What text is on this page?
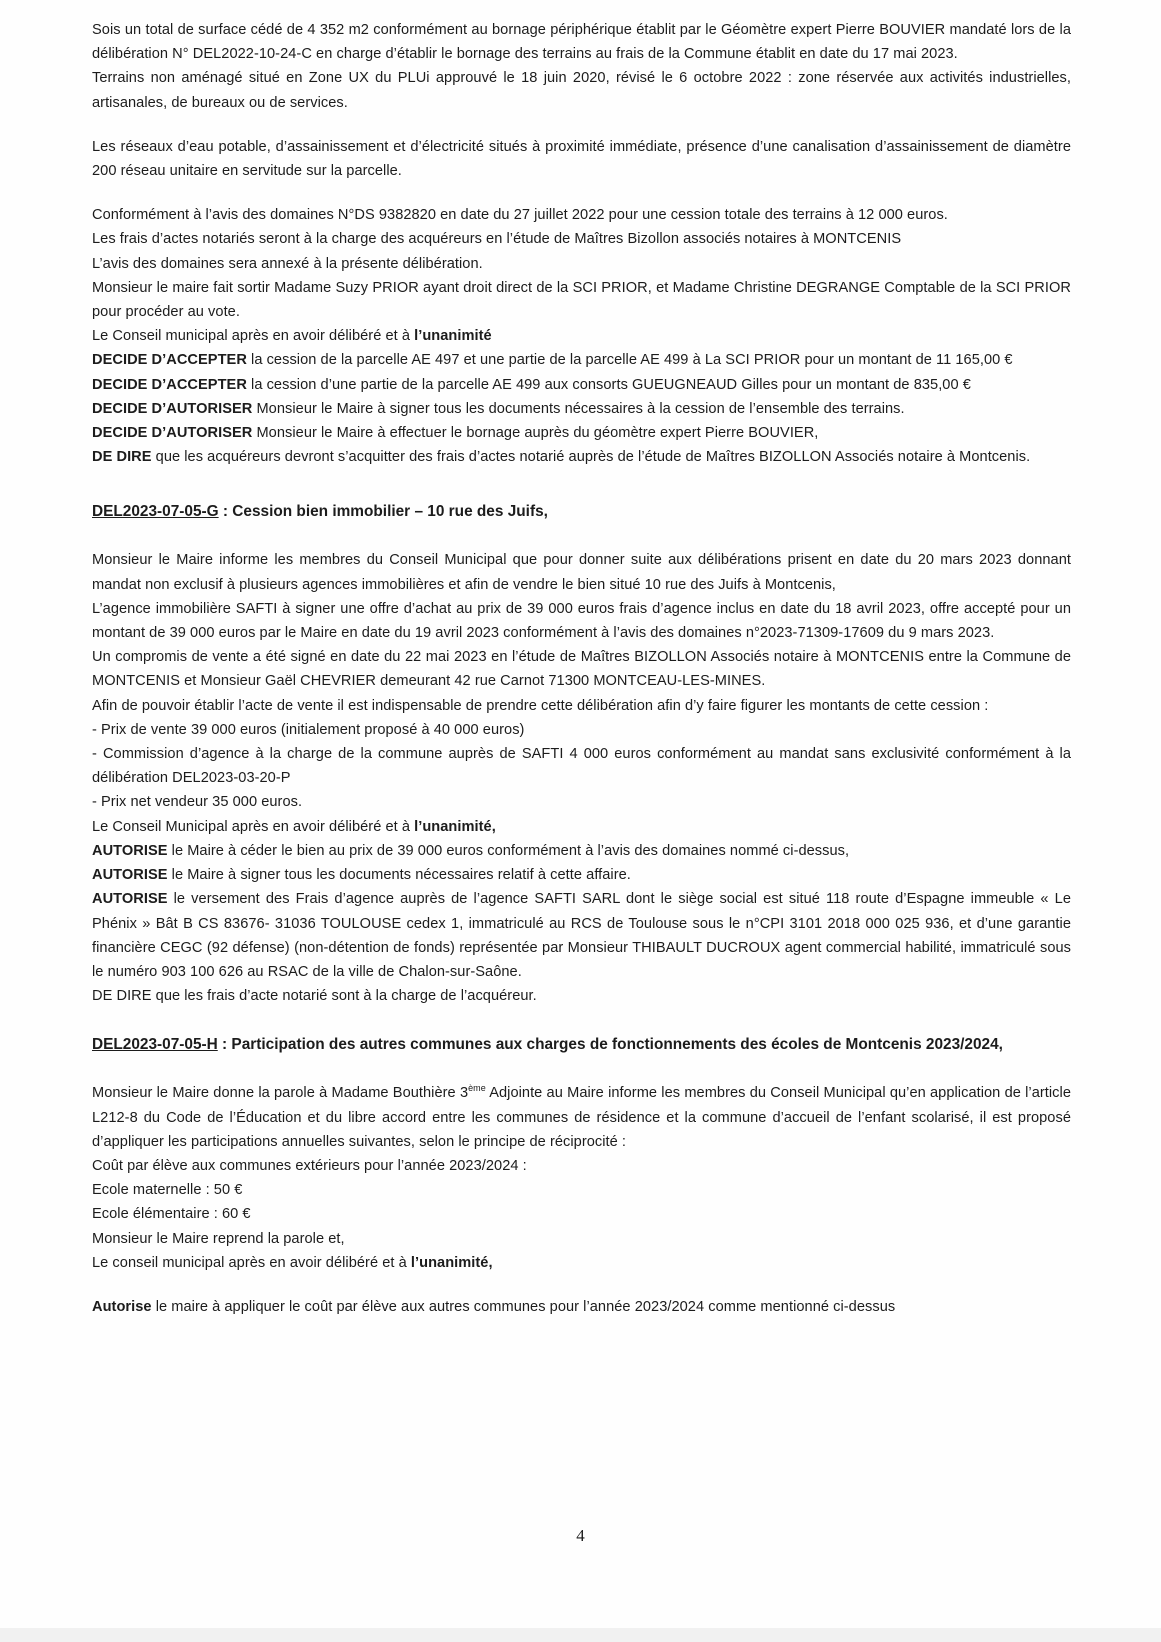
Sois un total de surface cédé de 4 352 m2 conformément au bornage périphérique établit par le Géomètre expert Pierre BOUVIER mandaté lors de la délibération N° DEL2022-10-24-C en charge d’établir le bornage des terrains au frais de la Commune établit en date du 17 mai 2023.

Terrains non aménagé situé en Zone UX du PLUi approuvé le 18 juin 2020, révisé le 6 octobre 2022 : zone réservée aux activités industrielles, artisanales, de bureaux ou de services.

Les réseaux d’eau potable, d’assainissement et d’électricité situés à proximité immédiate, présence d’une canalisation d’assainissement de diamètre 200 réseau unitaire en servitude sur la parcelle.

Conformément à l’avis des domaines N°DS 9382820 en date du 27 juillet 2022 pour une cession totale des terrains à 12 000 euros.

Les frais d’actes notariés seront à la charge des acquéreurs en l’étude de Maîtres Bizollon associés notaires à MONTCENIS

L’avis des domaines sera annexé à la présente délibération.

Monsieur le maire fait sortir Madame Suzy PRIOR ayant droit direct de la SCI PRIOR, et Madame Christine DEGRANGE Comptable de la SCI PRIOR pour procéder au vote.

Le Conseil municipal après en avoir délibéré et à l’unanimité

DECIDE D’ACCEPTER la cession de la parcelle AE 497 et une partie de la parcelle AE 499 à La SCI PRIOR pour un montant de 11 165,00 €

DECIDE D’ACCEPTER la cession d’une partie de la parcelle AE 499 aux consorts GUEUGNEAUD Gilles pour un montant de 835,00 €

DECIDE D’AUTORISER Monsieur le Maire à signer tous les documents nécessaires à la cession de l’ensemble des terrains.

DECIDE D’AUTORISER Monsieur le Maire à effectuer le bornage auprès du géomètre expert Pierre BOUVIER,

DE DIRE que les acquéreurs devront s’acquitter des frais d’actes notarié auprès de l’étude de Maîtres BIZOLLON Associés notaire à Montcenis.

DEL2023-07-05-G : Cession bien immobilier – 10 rue des Juifs,

Monsieur le Maire informe les membres du Conseil Municipal que pour donner suite aux délibérations prisent en date du 20 mars 2023 donnant mandat non exclusif à plusieurs agences immobilières et afin de vendre le bien situé 10 rue des Juifs à Montcenis,

L’agence immobilière SAFTI à signer une offre d’achat au prix de 39 000 euros frais d’agence inclus en date du 18 avril 2023, offre accepté pour un montant de 39 000 euros par le Maire en date du 19 avril 2023 conformément à l’avis des domaines n°2023-71309-17609 du 9 mars 2023.

Un compromis de vente a été signé en date du 22 mai 2023 en l’étude de Maîtres BIZOLLON Associés notaire à MONTCENIS entre la Commune de MONTCENIS et Monsieur Gaël CHEVRIER demeurant 42 rue Carnot 71300 MONTCEAU-LES-MINES.

Afin de pouvoir établir l’acte de vente il est indispensable de prendre cette délibération afin d’y faire figurer les montants de cette cession :

- Prix de vente 39 000 euros (initialement proposé à 40 000 euros)

- Commission d’agence à la charge de la commune auprès de SAFTI 4 000 euros conformément au mandat sans exclusivité conformément à la délibération DEL2023-03-20-P

- Prix net vendeur 35 000 euros.

Le Conseil Municipal après en avoir délibéré et à l’unanimité,

AUTORISE le Maire à céder le bien au prix de 39 000 euros conformément à l’avis des domaines nommé ci-dessus,

AUTORISE le Maire à signer tous les documents nécessaires relatif à cette affaire.

AUTORISE le versement des Frais d’agence auprès de l’agence SAFTI SARL dont le siège social est situé 118 route d’Espagne immeuble « Le Phénix » Bât B CS 83676- 31036 TOULOUSE cedex 1, immatriculé au RCS de Toulouse sous le n°CPI 3101 2018 000 025 936, et d’une garantie financière CEGC (92 défense) (non-détention de fonds) représentée par Monsieur THIBAULT DUCROUX agent commercial habilité, immatriculé sous le numéro 903 100 626 au RSAC de la ville de Chalon-sur-Saône.

DE DIRE que les frais d’acte notarié sont à la charge de l’acquéreur.

DEL2023-07-05-H : Participation des autres communes aux charges de fonctionnements des écoles de Montcenis 2023/2024,

Monsieur le Maire donne la parole à Madame Bouthière 3ème Adjointe au Maire informe les membres du Conseil Municipal qu’en application de l’article L212-8 du Code de l’Éducation et du libre accord entre les communes de résidence et la commune d’accueil de l’enfant scolarisé, il est proposé d’appliquer les participations annuelles suivantes, selon le principe de réciprocité :

Coût par élève aux communes extérieurs pour l’année 2023/2024 :

Ecole maternelle : 50 €

Ecole élémentaire : 60 €

Monsieur le Maire reprend la parole et,

Le conseil municipal après en avoir délibéré et à l’unanimité,

Autorise le maire à appliquer le coût par élève aux autres communes pour l’année 2023/2024 comme mentionné ci-dessus

4
